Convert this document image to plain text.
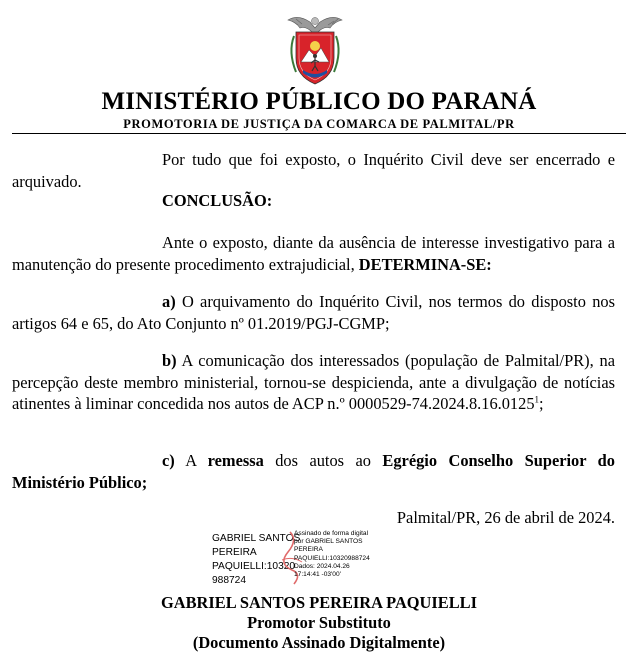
MINISTÉRIO PÚBLICO DO PARANÁ
PROMOTORIA DE JUSTIÇA DA COMARCA DE PALMITAL/PR

Por tudo que foi exposto, o Inquérito Civil deve ser encerrado e arquivado.

CONCLUSÃO:

Ante o exposto, diante da ausência de interesse investigativo para a manutenção do presente procedimento extrajudicial, DETERMINA-SE:

a) O arquivamento do Inquérito Civil, nos termos do disposto nos artigos 64 e 65, do Ato Conjunto nº 01.2019/PGJ-CGMP;

b) A comunicação dos interessados (população de Palmital/PR), na percepção deste membro ministerial, tornou-se despicienda, ante a divulgação de notícias atinentes à liminar concedida nos autos de ACP n.º 0000529-74.2024.8.16.0125$^1$;

c) A remessa dos autos ao Egrégio Conselho Superior do Ministério Público;

Palmital/PR, 26 de abril de 2024.
GABRIEL SANTOS
PEREIRA
PAQUIELLI:10320
988724
Assinado de forma digital
por GABRIEL SANTOS
PEREIRA
PAQUIELLI:10320988724
Dados: 2024.04.26
17:14:41 -03'00'
GABRIEL SANTOS PEREIRA PAQUIELLI
Promotor Substituto
(Documento Assinado Digitalmente)
